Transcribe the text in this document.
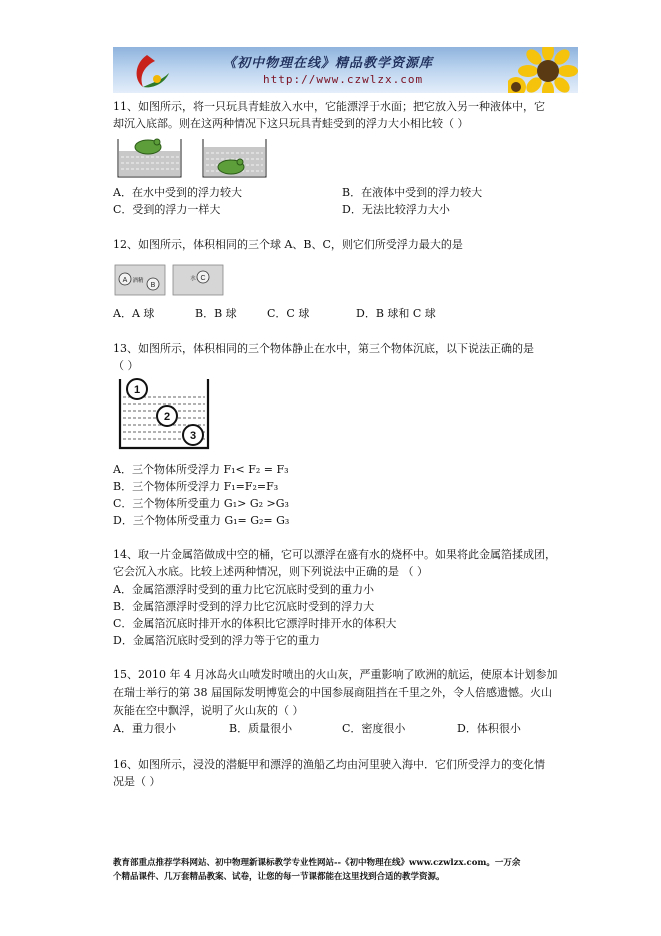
《初中物理在线》精品教学资源库
http://www.czwlzx.com
11、如图所示，将一只玩具青蛙放入水中，它能漂浮于水面；把它放入另一种液体中，它
却沉入底部。则在这两种情况下这只玩具青蛙受到的浮力大小相比较（ ）
A．在水中受到的浮力较大	B．在液体中受到的浮力较大
C．受到的浮力一样大	D．无法比较浮力大小
12、如图所示，体积相同的三个球 A、B、C，则它们所受浮力最大的是
A
B
C
酒精	水
A．A 球	B．B 球	C．C 球	D．B 球和 C 球
13、如图所示，体积相同的三个物体静止在水中，第三个物体沉底，以下说法正确的是
（ ）
1
2
3
A．三个物体所受浮力 F₁< F₂ = F₃
B．三个物体所受浮力 F₁=F₂=F₃
C．三个物体所受重力 G₁> G₂ >G₃
D．三个物体所受重力 G₁= G₂= G₃
14、取一片金属箔做成中空的桶，它可以漂浮在盛有水的烧杯中。如果将此金属箔揉成团，
它会沉入水底。比较上述两种情况，则下列说法中正确的是 （ ）
A．金属箔漂浮时受到的重力比它沉底时受到的重力小
B．金属箔漂浮时受到的浮力比它沉底时受到的浮力大
C．金属箔沉底时排开水的体积比它漂浮时排开水的体积大
D．金属箔沉底时受到的浮力等于它的重力
15、2010 年 4 月冰岛火山喷发时喷出的火山灰，严重影响了欧洲的航运，使原本计划参加
在瑞士举行的第 38 届国际发明博览会的中国参展商阻挡在千里之外，令人倍感遗憾。火山
灰能在空中飘浮，说明了火山灰的（ ）
A．重力很小	B．质量很小	C．密度很小	D．体积很小
16、如图所示，浸没的潜艇甲和漂浮的渔船乙均由河里驶入海中．它们所受浮力的变化情
况是（ ）
教育部重点推荐学科网站、初中物理新课标教学专业性网站--《初中物理在线》www.czwlzx.com。一万余
个精品课件、几万套精品教案、试卷，让您的每一节课都能在这里找到合适的教学资源。
